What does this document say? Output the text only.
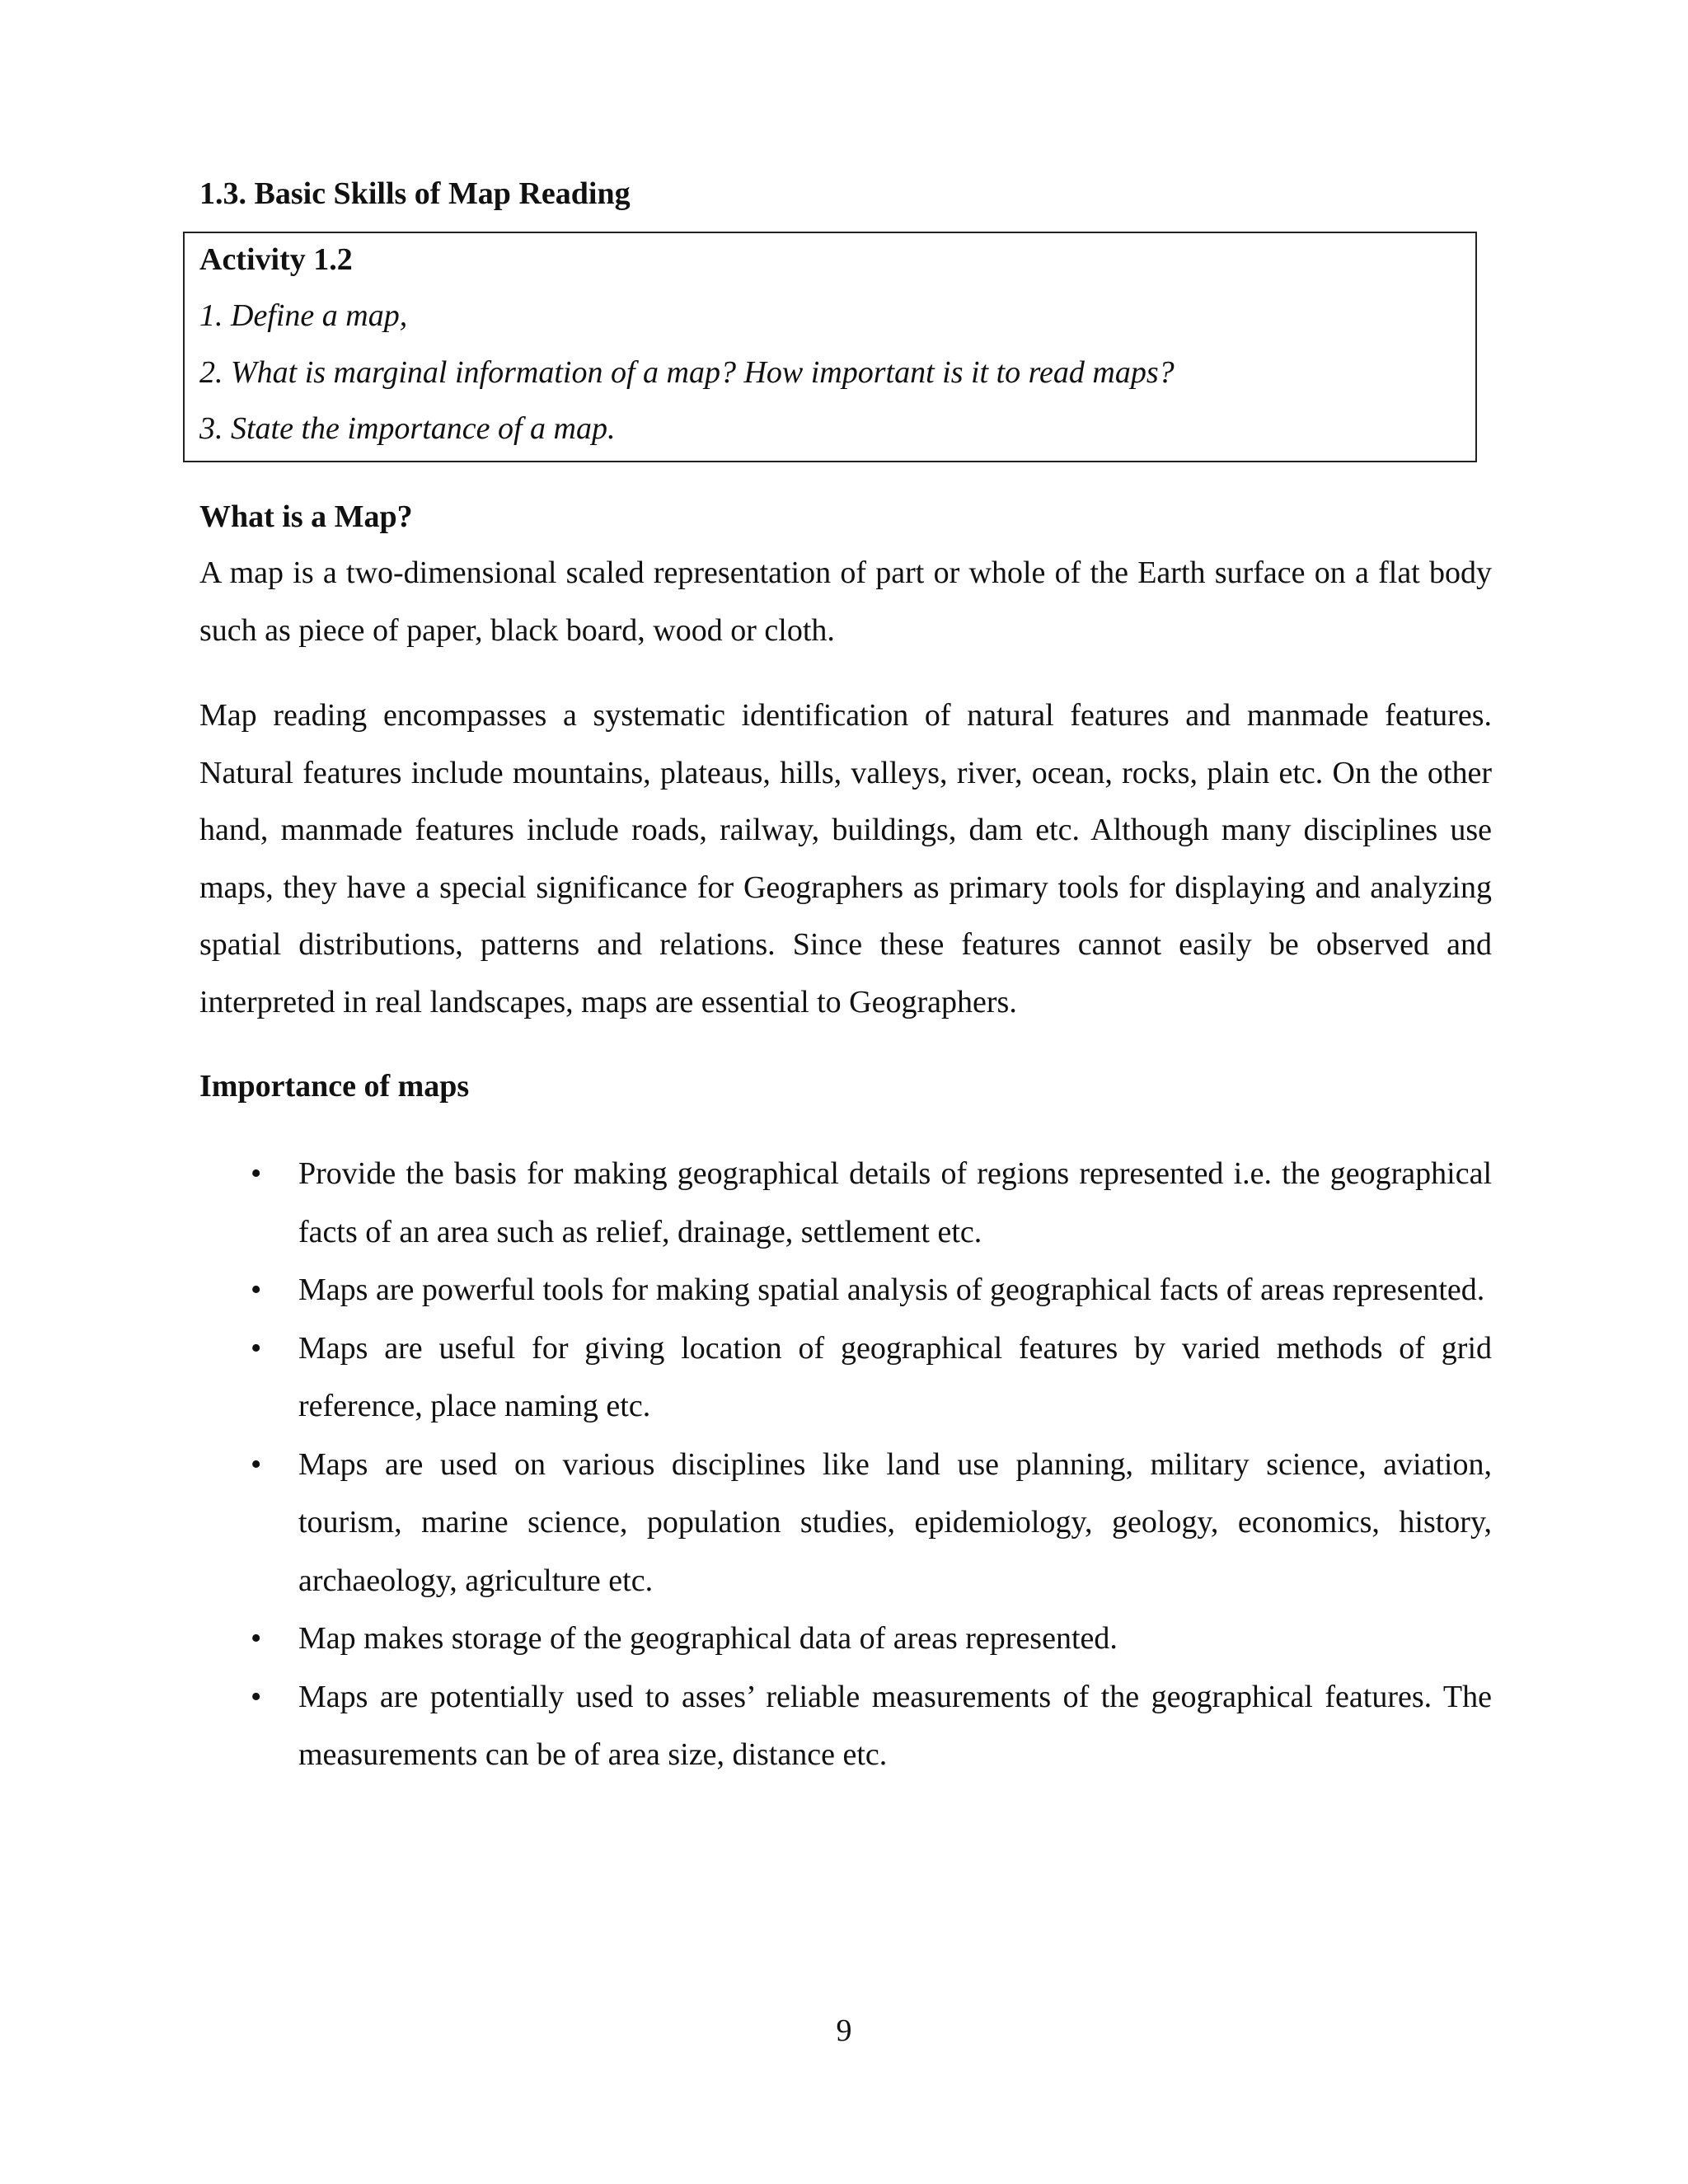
1.3. Basic Skills of Map Reading

Activity 1.2

1. Define a map,

2. What is marginal information of a map? How important is it to read maps?

3. State the importance of a map.

What is a Map?

A map is a two-dimensional scaled representation of part or whole of the Earth surface on a flat body such as piece of paper, black board, wood or cloth.

Map reading encompasses a systematic identification of natural features and manmade features. Natural features include mountains, plateaus, hills, valleys, river, ocean, rocks, plain etc. On the other hand, manmade features include roads, railway, buildings, dam etc. Although many disciplines use maps, they have a special significance for Geographers as primary tools for displaying and analyzing spatial distributions, patterns and relations. Since these features cannot easily be observed and interpreted in real landscapes, maps are essential to Geographers.

Importance of maps
• Provide the basis for making geographical details of regions represented i.e. the geographical facts of an area such as relief, drainage, settlement etc.
• Maps are powerful tools for making spatial analysis of geographical facts of areas represented.
• Maps are useful for giving location of geographical features by varied methods of grid reference, place naming etc.
• Maps are used on various disciplines like land use planning, military science, aviation, tourism, marine science, population studies, epidemiology, geology, economics, history, archaeology, agriculture etc.
• Map makes storage of the geographical data of areas represented.
• Maps are potentially used to asses’ reliable measurements of the geographical features. The measurements can be of area size, distance etc.

9
